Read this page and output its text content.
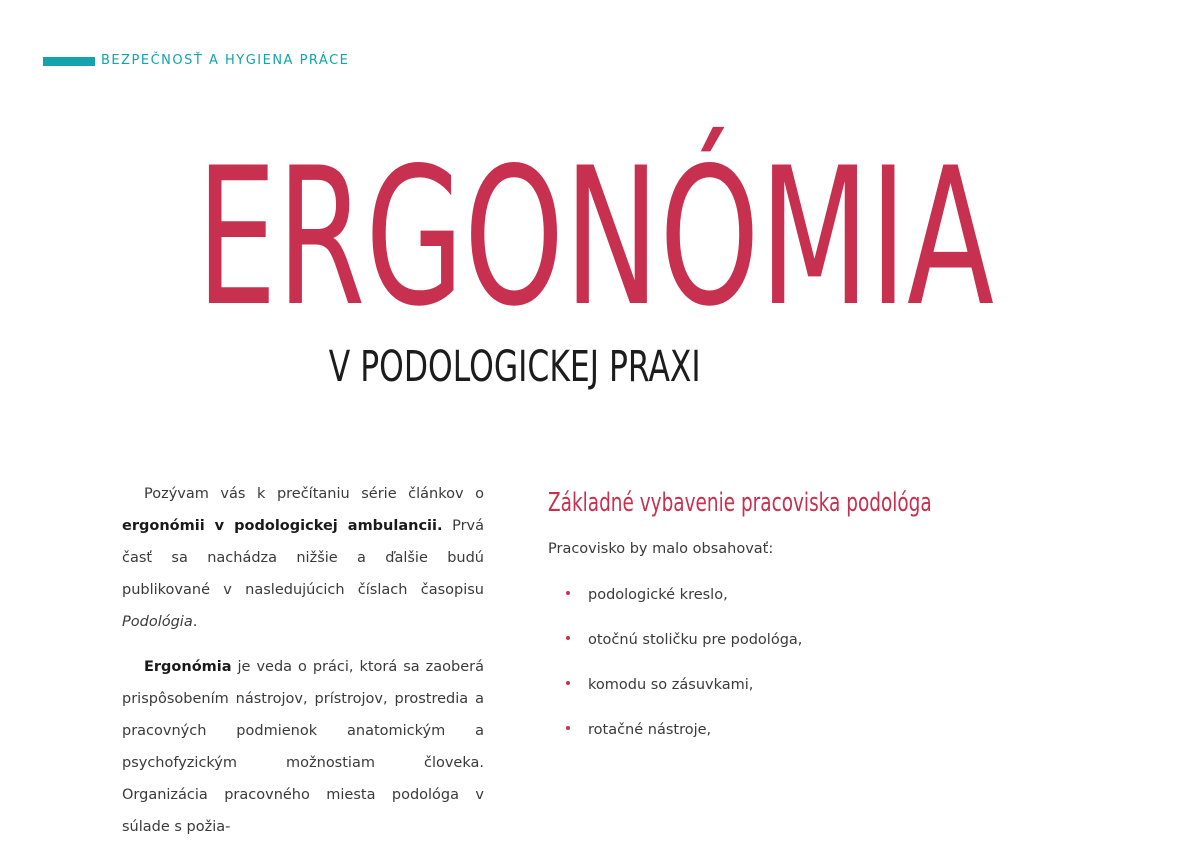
BEZPEČNOSŤ A HYGIENA PRÁCE
ERGONÓMIA
V PODOLOGICKEJ PRAXI

Pozývam vás k prečítaniu série článkov o ergonómii v podologickej ambulancii. Prvá časť sa nachádza nižšie a ďalšie budú publikované v nasledujúcich číslach časopisu Podológia.

Ergonómia je veda o práci, ktorá sa zaoberá prispôsobením nástrojov, prístrojov, prostredia a pracovných podmienok anatomickým a psychofyzickým možnostiam človeka. Organizácia pracovného miesta podológa v súlade s požia-

Základné vybavenie pracoviska podológa
Pracovisko by malo obsahovať:
podologické kreslo,
otočnú stoličku pre podológa,
komodu so zásuvkami,
rotačné nástroje,
